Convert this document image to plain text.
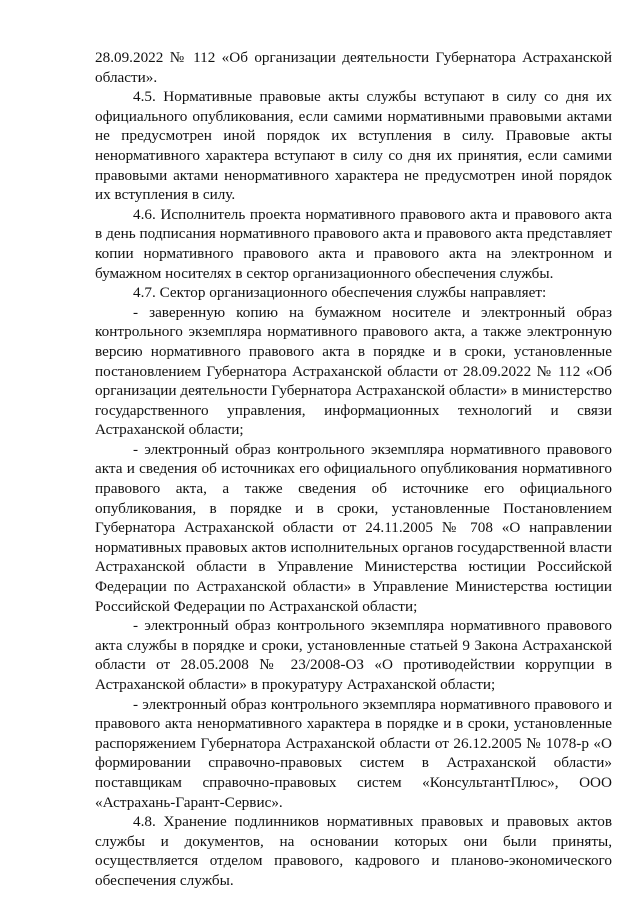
28.09.2022 № 112 «Об организации деятельности Губернатора Астраханской области».

4.5. Нормативные правовые акты службы вступают в силу со дня их официального опубликования, если самими нормативными правовыми актами не предусмотрен иной порядок их вступления в силу. Правовые акты ненормативного характера вступают в силу со дня их принятия, если самими правовыми актами ненормативного характера не предусмотрен иной порядок их вступления в силу.

4.6. Исполнитель проекта нормативного правового акта и правового акта в день подписания нормативного правового акта и правового акта представляет копии нормативного правового акта и правового акта на электронном и бумажном носителях в сектор организационного обеспечения службы.

4.7. Сектор организационного обеспечения службы направляет:

- заверенную копию на бумажном носителе и электронный образ контрольного экземпляра нормативного правового акта, а также электронную версию нормативного правового акта в порядке и в сроки, установленные постановлением Губернатора Астраханской области от 28.09.2022 № 112 «Об организации деятельности Губернатора Астраханской области» в министерство государственного управления, информационных технологий и связи Астраханской области;

- электронный образ контрольного экземпляра нормативного правового акта и сведения об источниках его официального опубликования нормативного правового акта, а также сведения об источнике его официального опубликования, в порядке и в сроки, установленные Постановлением Губернатора Астраханской области от 24.11.2005 № 708 «О направлении нормативных правовых актов исполнительных органов государственной власти Астраханской области в Управление Министерства юстиции Российской Федерации по Астраханской области» в Управление Министерства юстиции Российской Федерации по Астраханской области;

- электронный образ контрольного экземпляра нормативного правового акта службы в порядке и сроки, установленные статьей 9 Закона Астраханской области от 28.05.2008 № 23/2008-ОЗ «О противодействии коррупции в Астраханской области» в прокуратуру Астраханской области;

- электронный образ контрольного экземпляра нормативного правового и правового акта ненормативного характера в порядке и в сроки, установленные распоряжением Губернатора Астраханской области от 26.12.2005 № 1078-р «О формировании справочно-правовых систем в Астраханской области» поставщикам справочно-правовых систем «КонсультантПлюс», ООО «Астрахань-Гарант-Сервис».

4.8. Хранение подлинников нормативных правовых и правовых актов службы и документов, на основании которых они были приняты, осуществляется отделом правового, кадрового и планово-экономического обеспечения службы.
